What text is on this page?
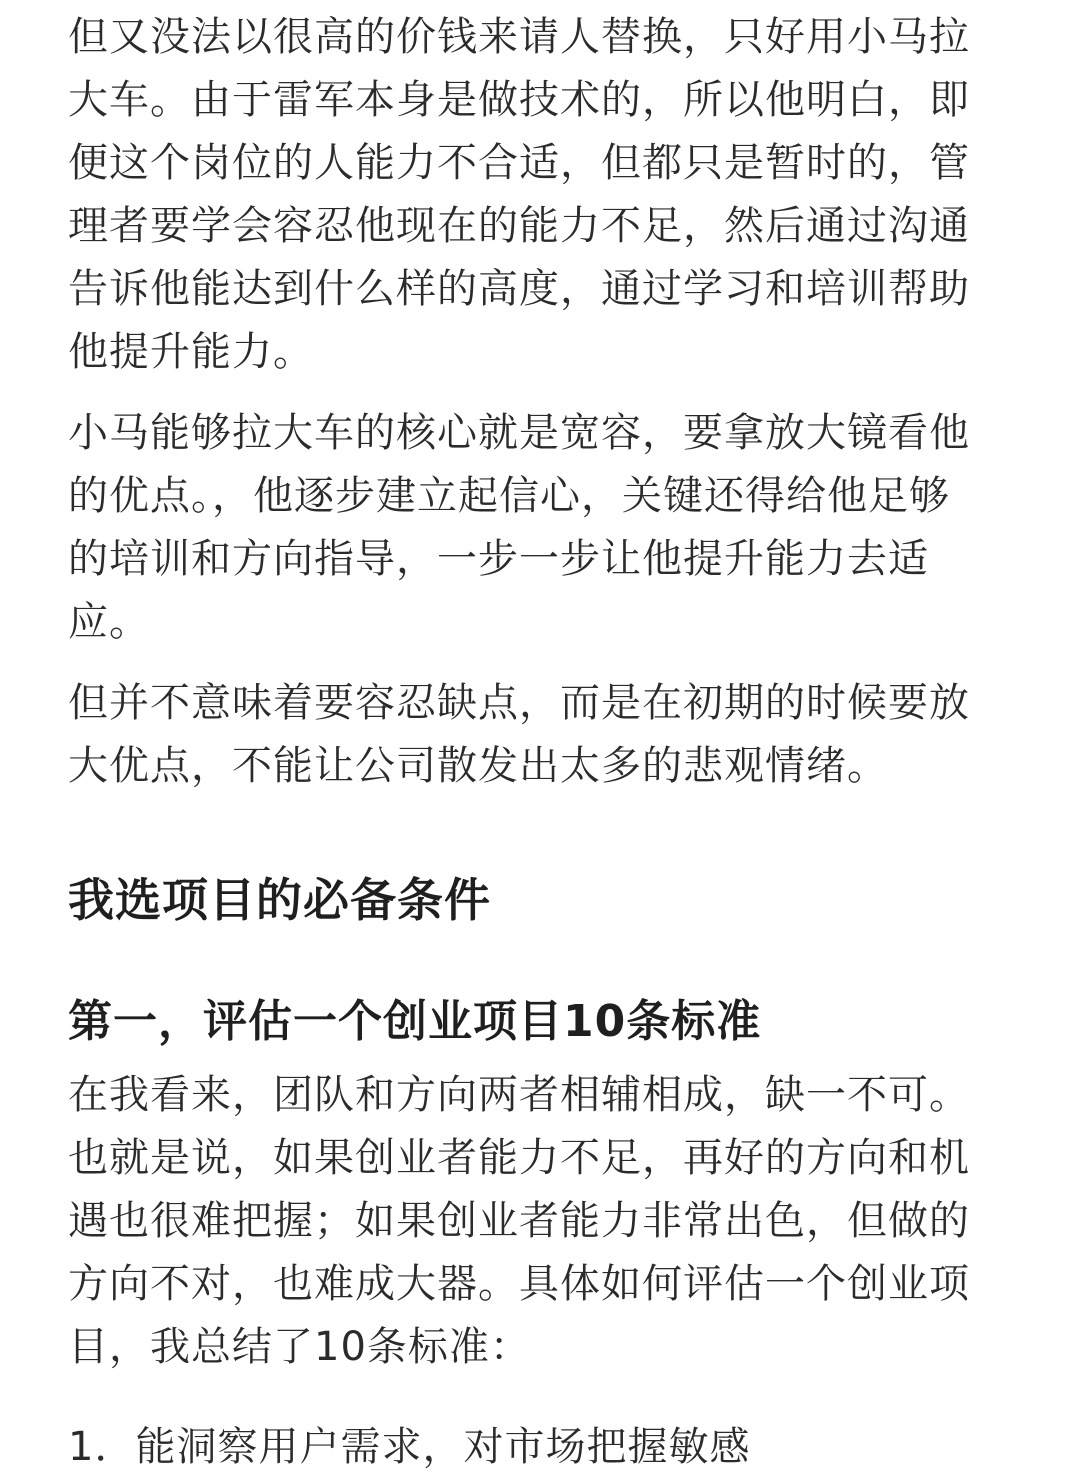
但又没法以很高的价钱来请人替换，只好用小马拉
大车。由于雷军本身是做技术的，所以他明白，即
便这个岗位的人能力不合适，但都只是暂时的，管
理者要学会容忍他现在的能力不足，然后通过沟通
告诉他能达到什么样的高度，通过学习和培训帮助
他提升能力。

小马能够拉大车的核心就是宽容，要拿放大镜看他
的优点。，他逐步建立起信心，关键还得给他足够
的培训和方向指导，一步一步让他提升能力去适
应。

但并不意味着要容忍缺点，而是在初期的时候要放
大优点，不能让公司散发出太多的悲观情绪。

我选项目的必备条件
第一，评估一个创业项目10条标准

在我看来，团队和方向两者相辅相成，缺一不可。
也就是说，如果创业者能力不足，再好的方向和机
遇也很难把握；如果创业者能力非常出色，但做的
方向不对，也难成大器。具体如何评估一个创业项
目，我总结了10条标准：

1．能洞察用户需求，对市场把握敏感
